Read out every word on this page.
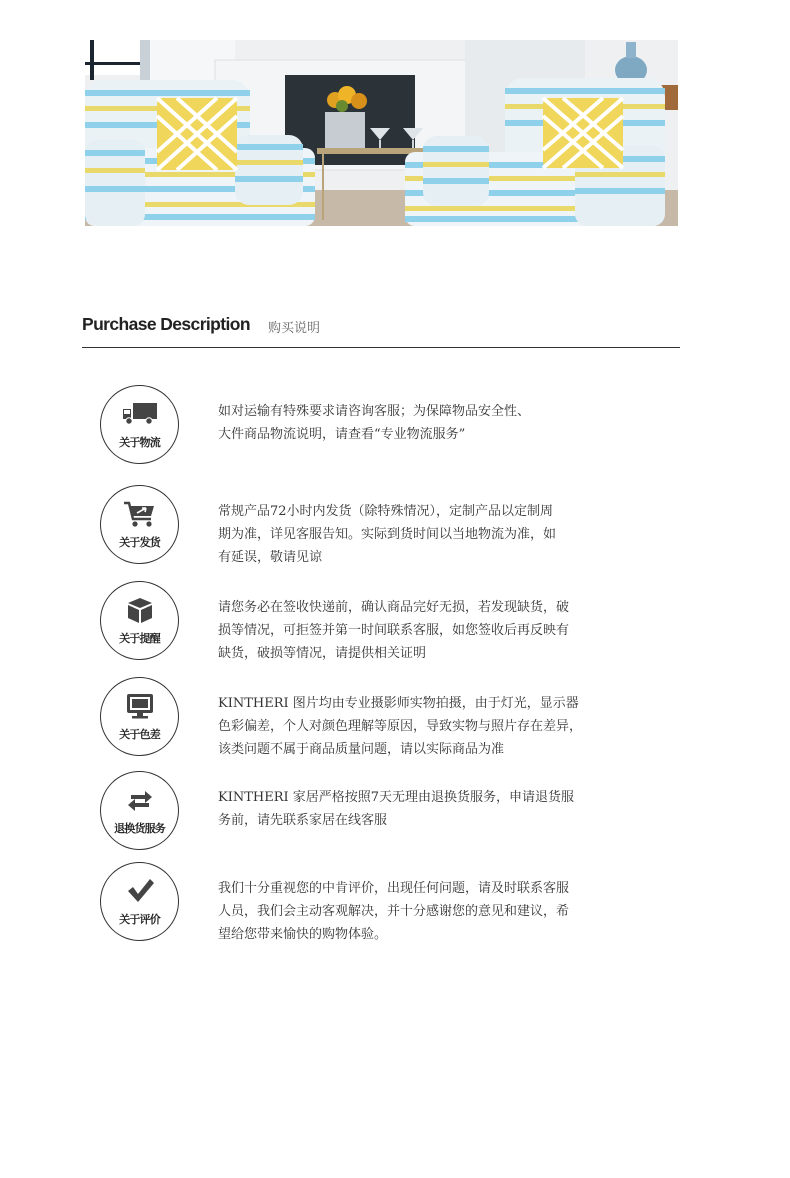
Purchase Description 购买说明
关于物流
如对运输有特殊要求请咨询客服；为保障物品安全性、
大件商品物流说明，请查看“专业物流服务”
关于发货
常规产品72小时内发货（除特殊情况），定制产品以定制周
期为准，详见客服告知。实际到货时间以当地物流为准，如
有延误，敬请见谅
关于提醒
请您务必在签收快递前，确认商品完好无损，若发现缺货，破
损等情况，可拒签并第一时间联系客服，如您签收后再反映有
缺货，破损等情况，请提供相关证明
关于色差
KINTHERI 图片均由专业摄影师实物拍摄，由于灯光，显示器
色彩偏差，个人对颜色理解等原因，导致实物与照片存在差异，
该类问题不属于商品质量问题，请以实际商品为准
退换货服务
KINTHERI 家居严格按照7天无理由退换货服务，申请退货服
务前，请先联系家居在线客服
关于评价
我们十分重视您的中肯评价，出现任何问题，请及时联系客服
人员，我们会主动客观解决，并十分感谢您的意见和建议，希
望给您带来愉快的购物体验。
